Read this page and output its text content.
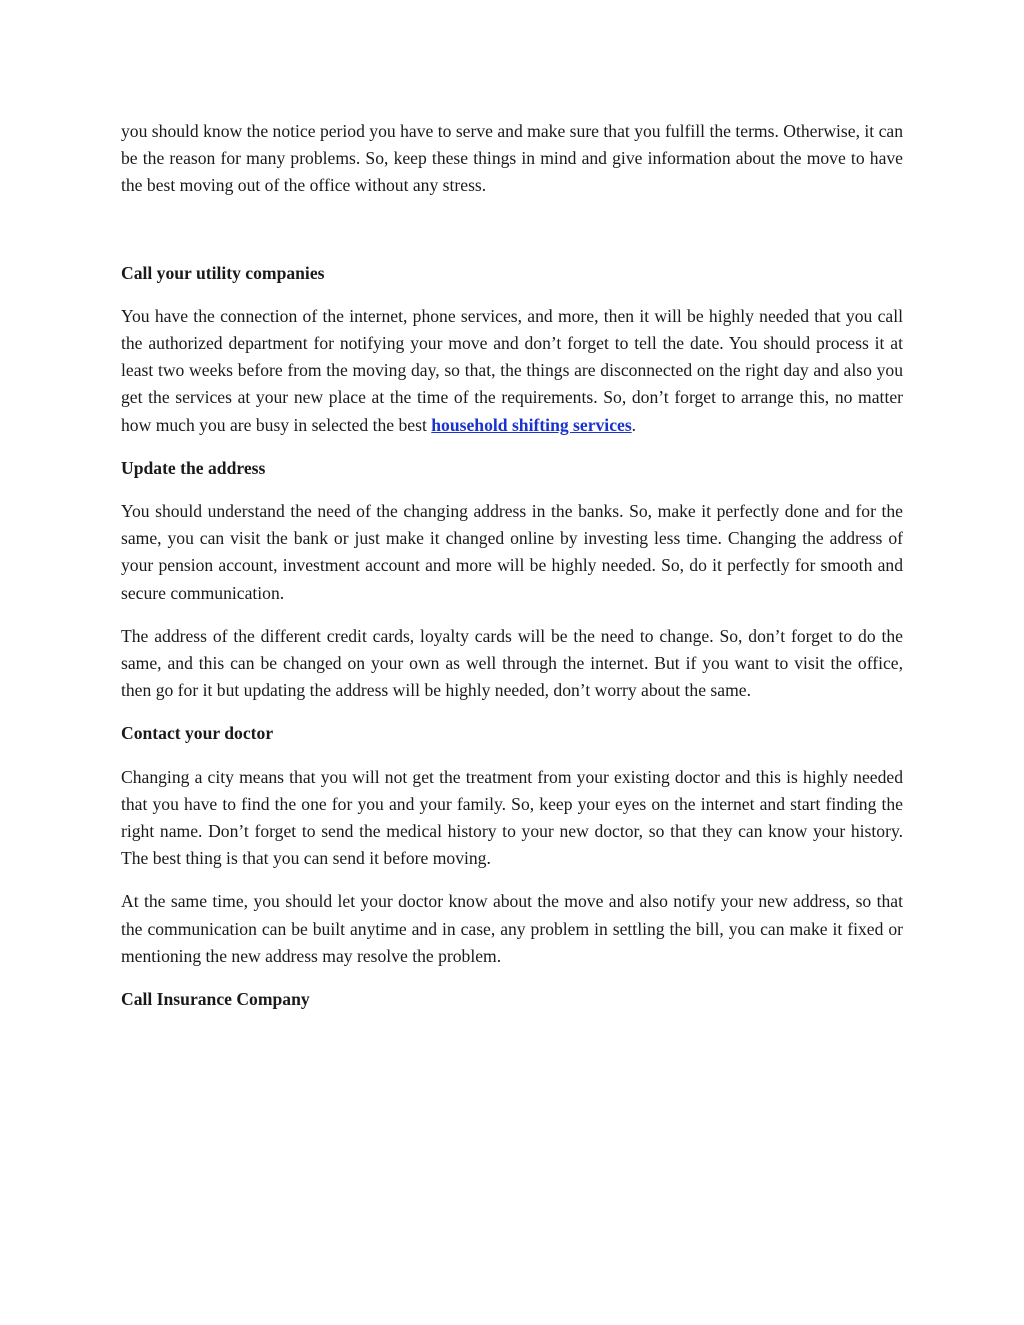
you should know the notice period you have to serve and make sure that you fulfill the terms. Otherwise, it can be the reason for many problems. So, keep these things in mind and give information about the move to have the best moving out of the office without any stress.

Call your utility companies

You have the connection of the internet, phone services, and more, then it will be highly needed that you call the authorized department for notifying your move and don’t forget to tell the date. You should process it at least two weeks before from the moving day, so that, the things are disconnected on the right day and also you get the services at your new place at the time of the requirements. So, don’t forget to arrange this, no matter how much you are busy in selected the best household shifting services.

Update the address

You should understand the need of the changing address in the banks. So, make it perfectly done and for the same, you can visit the bank or just make it changed online by investing less time. Changing the address of your pension account, investment account and more will be highly needed. So, do it perfectly for smooth and secure communication.

The address of the different credit cards, loyalty cards will be the need to change. So, don’t forget to do the same, and this can be changed on your own as well through the internet. But if you want to visit the office, then go for it but updating the address will be highly needed, don’t worry about the same.

Contact your doctor

Changing a city means that you will not get the treatment from your existing doctor and this is highly needed that you have to find the one for you and your family. So, keep your eyes on the internet and start finding the right name. Don’t forget to send the medical history to your new doctor, so that they can know your history. The best thing is that you can send it before moving.

At the same time, you should let your doctor know about the move and also notify your new address, so that the communication can be built anytime and in case, any problem in settling the bill, you can make it fixed or mentioning the new address may resolve the problem.

Call Insurance Company
